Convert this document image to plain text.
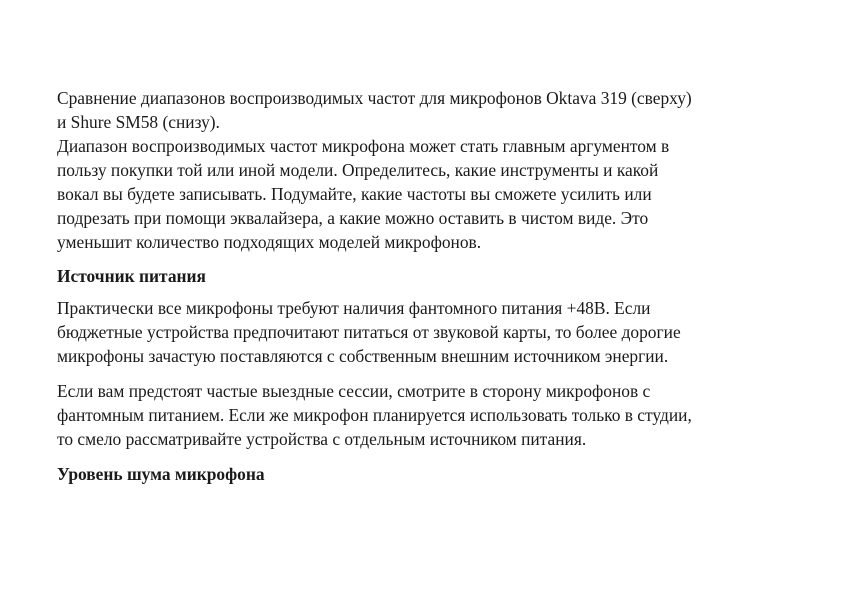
Сравнение диапазонов воспроизводимых частот для микрофонов Oktava 319 (сверху)
и Shure SM58 (снизу).
Диапазон воспроизводимых частот микрофона может стать главным аргументом в
пользу покупки той или иной модели. Определитесь, какие инструменты и какой
вокал вы будете записывать. Подумайте, какие частоты вы сможете усилить или
подрезать при помощи эквалайзера, а какие можно оставить в чистом виде. Это
уменьшит количество подходящих моделей микрофонов.

Источник питания

Практически все микрофоны требуют наличия фантомного питания +48В. Если
бюджетные устройства предпочитают питаться от звуковой карты, то более дорогие
микрофоны зачастую поставляются с собственным внешним источником энергии.

Если вам предстоят частые выездные сессии, смотрите в сторону микрофонов с
фантомным питанием. Если же микрофон планируется использовать только в студии,
то смело рассматривайте устройства с отдельным источником питания.

Уровень шума микрофона
